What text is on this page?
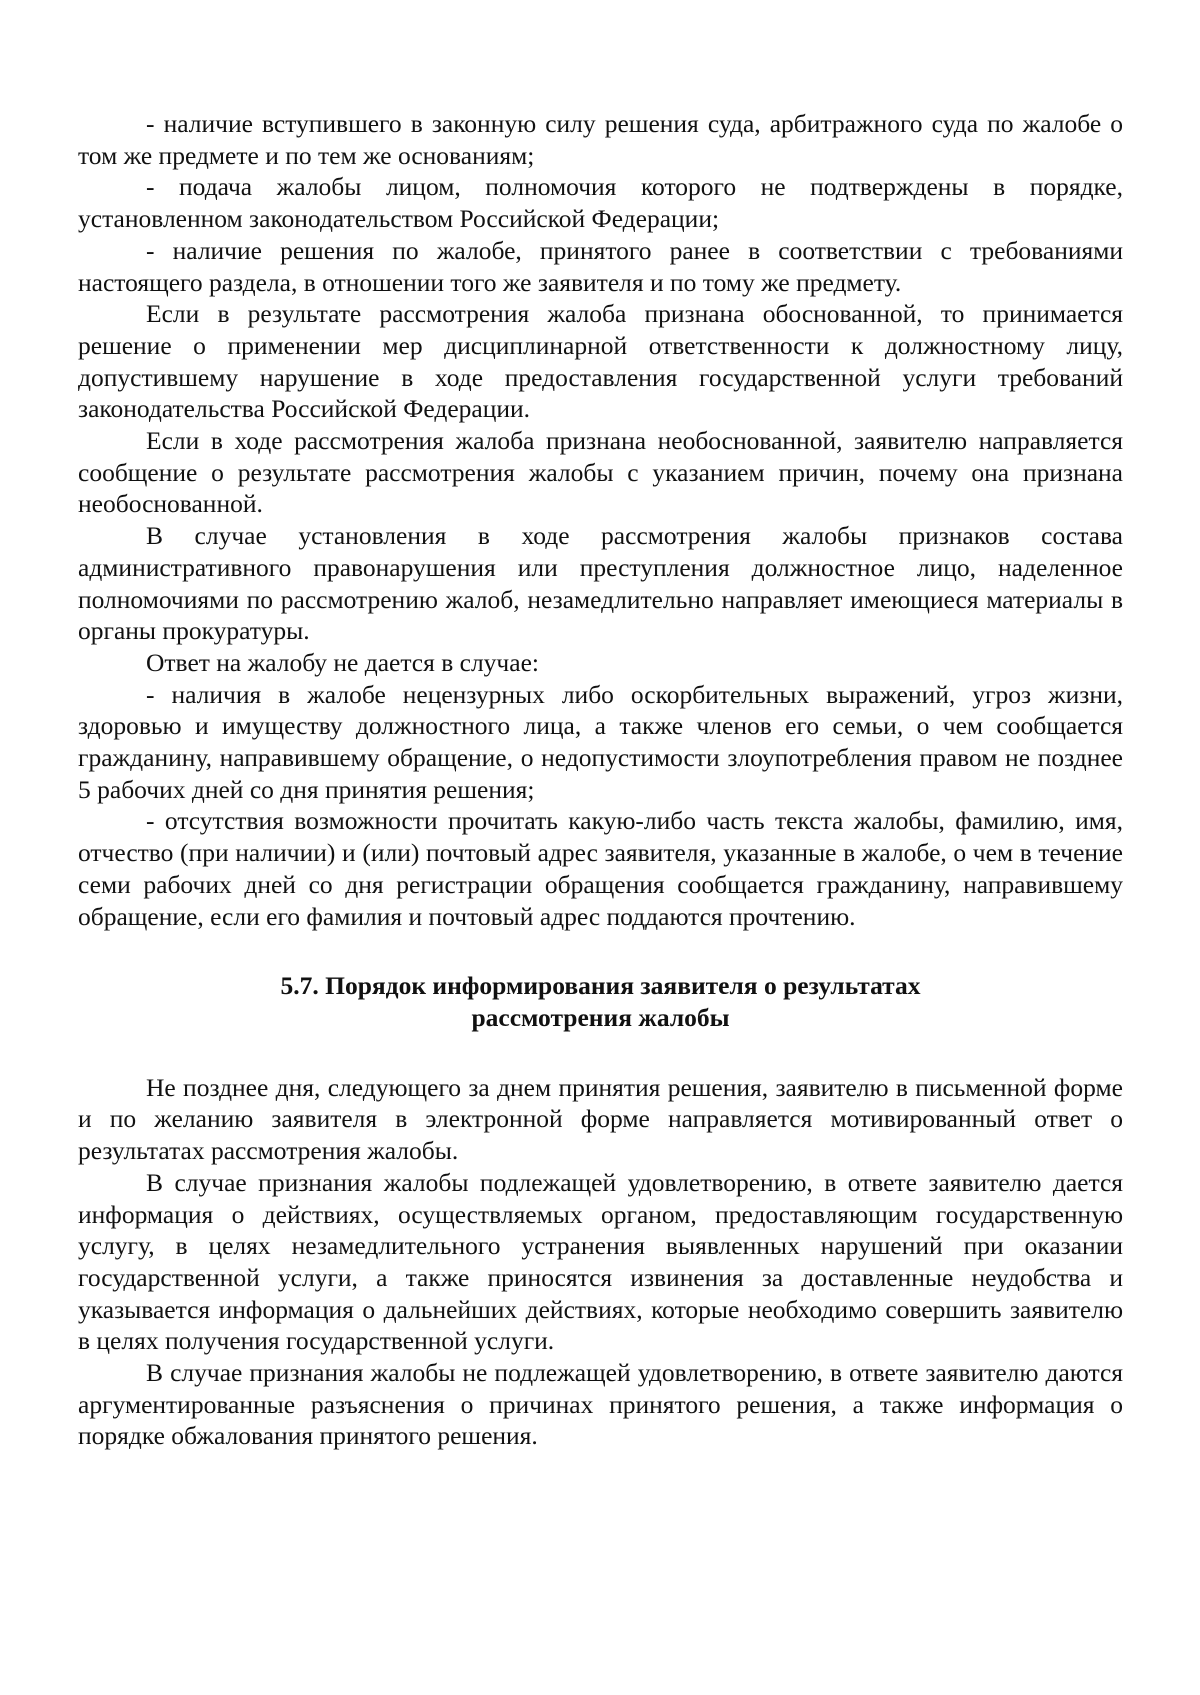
- наличие вступившего в законную силу решения суда, арбитражного суда по жалобе о том же предмете и по тем же основаниям;

- подача жалобы лицом, полномочия которого не подтверждены в порядке, установленном законодательством Российской Федерации;

- наличие решения по жалобе, принятого ранее в соответствии с требованиями настоящего раздела, в отношении того же заявителя и по тому же предмету.

Если в результате рассмотрения жалоба признана обоснованной, то принимается решение о применении мер дисциплинарной ответственности к должностному лицу, допустившему нарушение в ходе предоставления государственной услуги требований законодательства Российской Федерации.

Если в ходе рассмотрения жалоба признана необоснованной, заявителю направляется сообщение о результате рассмотрения жалобы с указанием причин, почему она признана необоснованной.

В случае установления в ходе рассмотрения жалобы признаков состава административного правонарушения или преступления должностное лицо, наделенное полномочиями по рассмотрению жалоб, незамедлительно направляет имеющиеся материалы в органы прокуратуры.

Ответ на жалобу не дается в случае:

- наличия в жалобе нецензурных либо оскорбительных выражений, угроз жизни, здоровью и имуществу должностного лица, а также членов его семьи, о чем сообщается гражданину, направившему обращение, о недопустимости злоупотребления правом не позднее 5 рабочих дней со дня принятия решения;

- отсутствия возможности прочитать какую-либо часть текста жалобы, фамилию, имя, отчество (при наличии) и (или) почтовый адрес заявителя, указанные в жалобе, о чем в течение семи рабочих дней со дня регистрации обращения сообщается гражданину, направившему обращение, если его фамилия и почтовый адрес поддаются прочтению.

5.7. Порядок информирования заявителя о результатах
рассмотрения жалобы

Не позднее дня, следующего за днем принятия решения, заявителю в письменной форме и по желанию заявителя в электронной форме направляется мотивированный ответ о результатах рассмотрения жалобы.

В случае признания жалобы подлежащей удовлетворению, в ответе заявителю дается информация о действиях, осуществляемых органом, предоставляющим государственную услугу, в целях незамедлительного устранения выявленных нарушений при оказании государственной услуги, а также приносятся извинения за доставленные неудобства и указывается информация о дальнейших действиях, которые необходимо совершить заявителю в целях получения государственной услуги.

В случае признания жалобы не подлежащей удовлетворению, в ответе заявителю даются аргументированные разъяснения о причинах принятого решения, а также информация о порядке обжалования принятого решения.
